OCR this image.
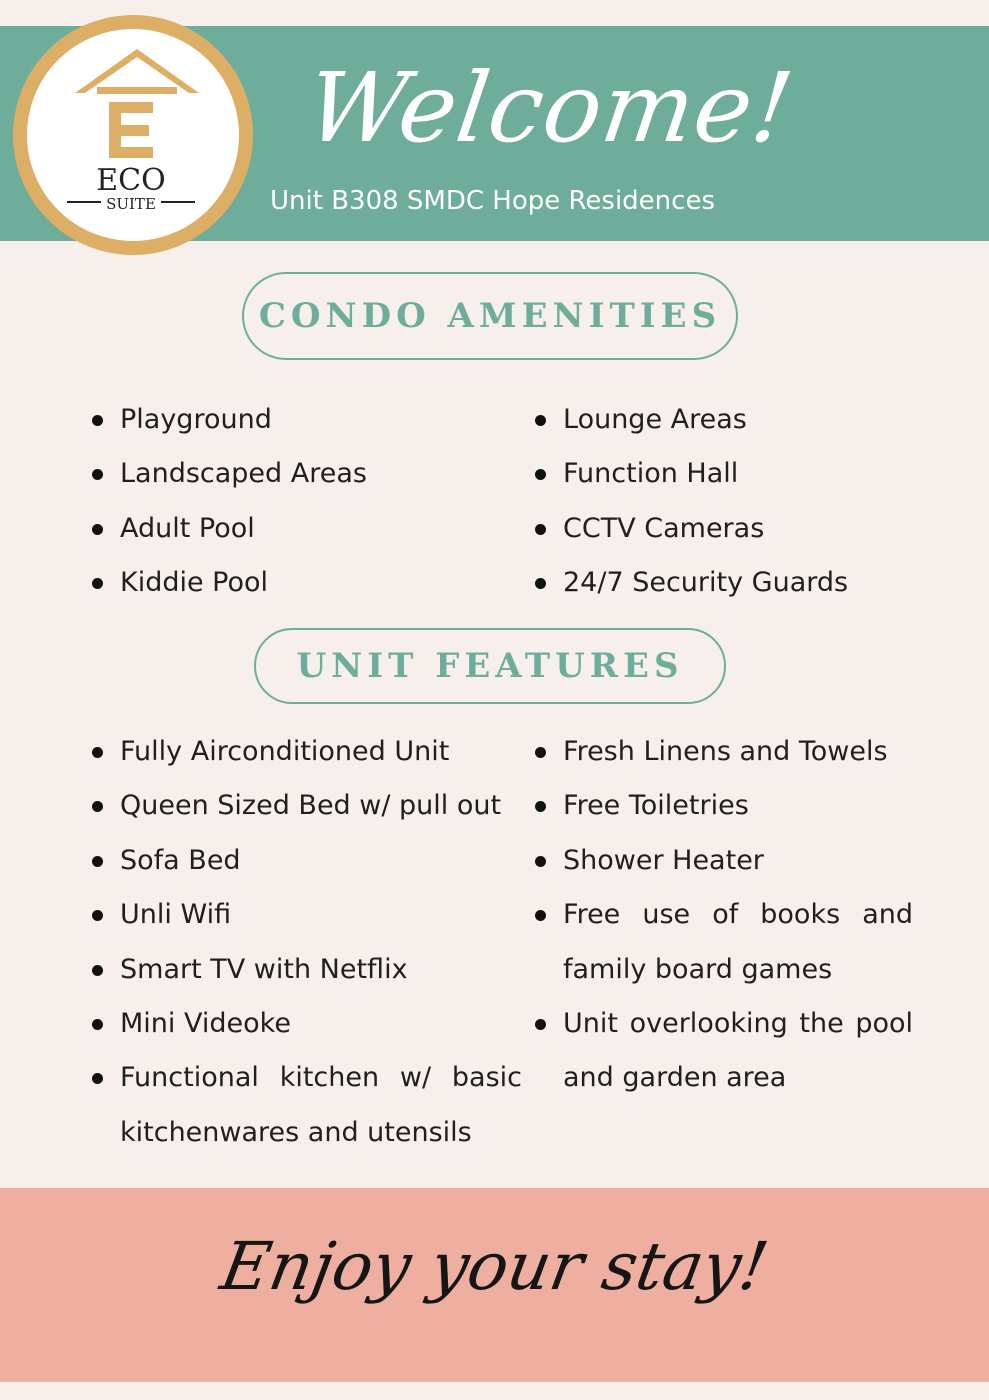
Welcome!
Unit B308 SMDC Hope Residences
ECO
SUITE
CONDO AMENITIES
Playground
Landscaped Areas
Adult Pool
Kiddie Pool
Lounge Areas
Function Hall
CCTV Cameras
24/7 Security Guards
UNIT FEATURES
Fully Airconditioned Unit
Queen Sized Bed w/ pull out
Sofa Bed
Unli Wifi
Smart TV with Netflix
Mini Videoke
Functional kitchen w/ basic kitchenwares and utensils
Fresh Linens and Towels
Free Toiletries
Shower Heater
Free use of books and family board games
Unit overlooking the pool and garden area
Enjoy your stay!
